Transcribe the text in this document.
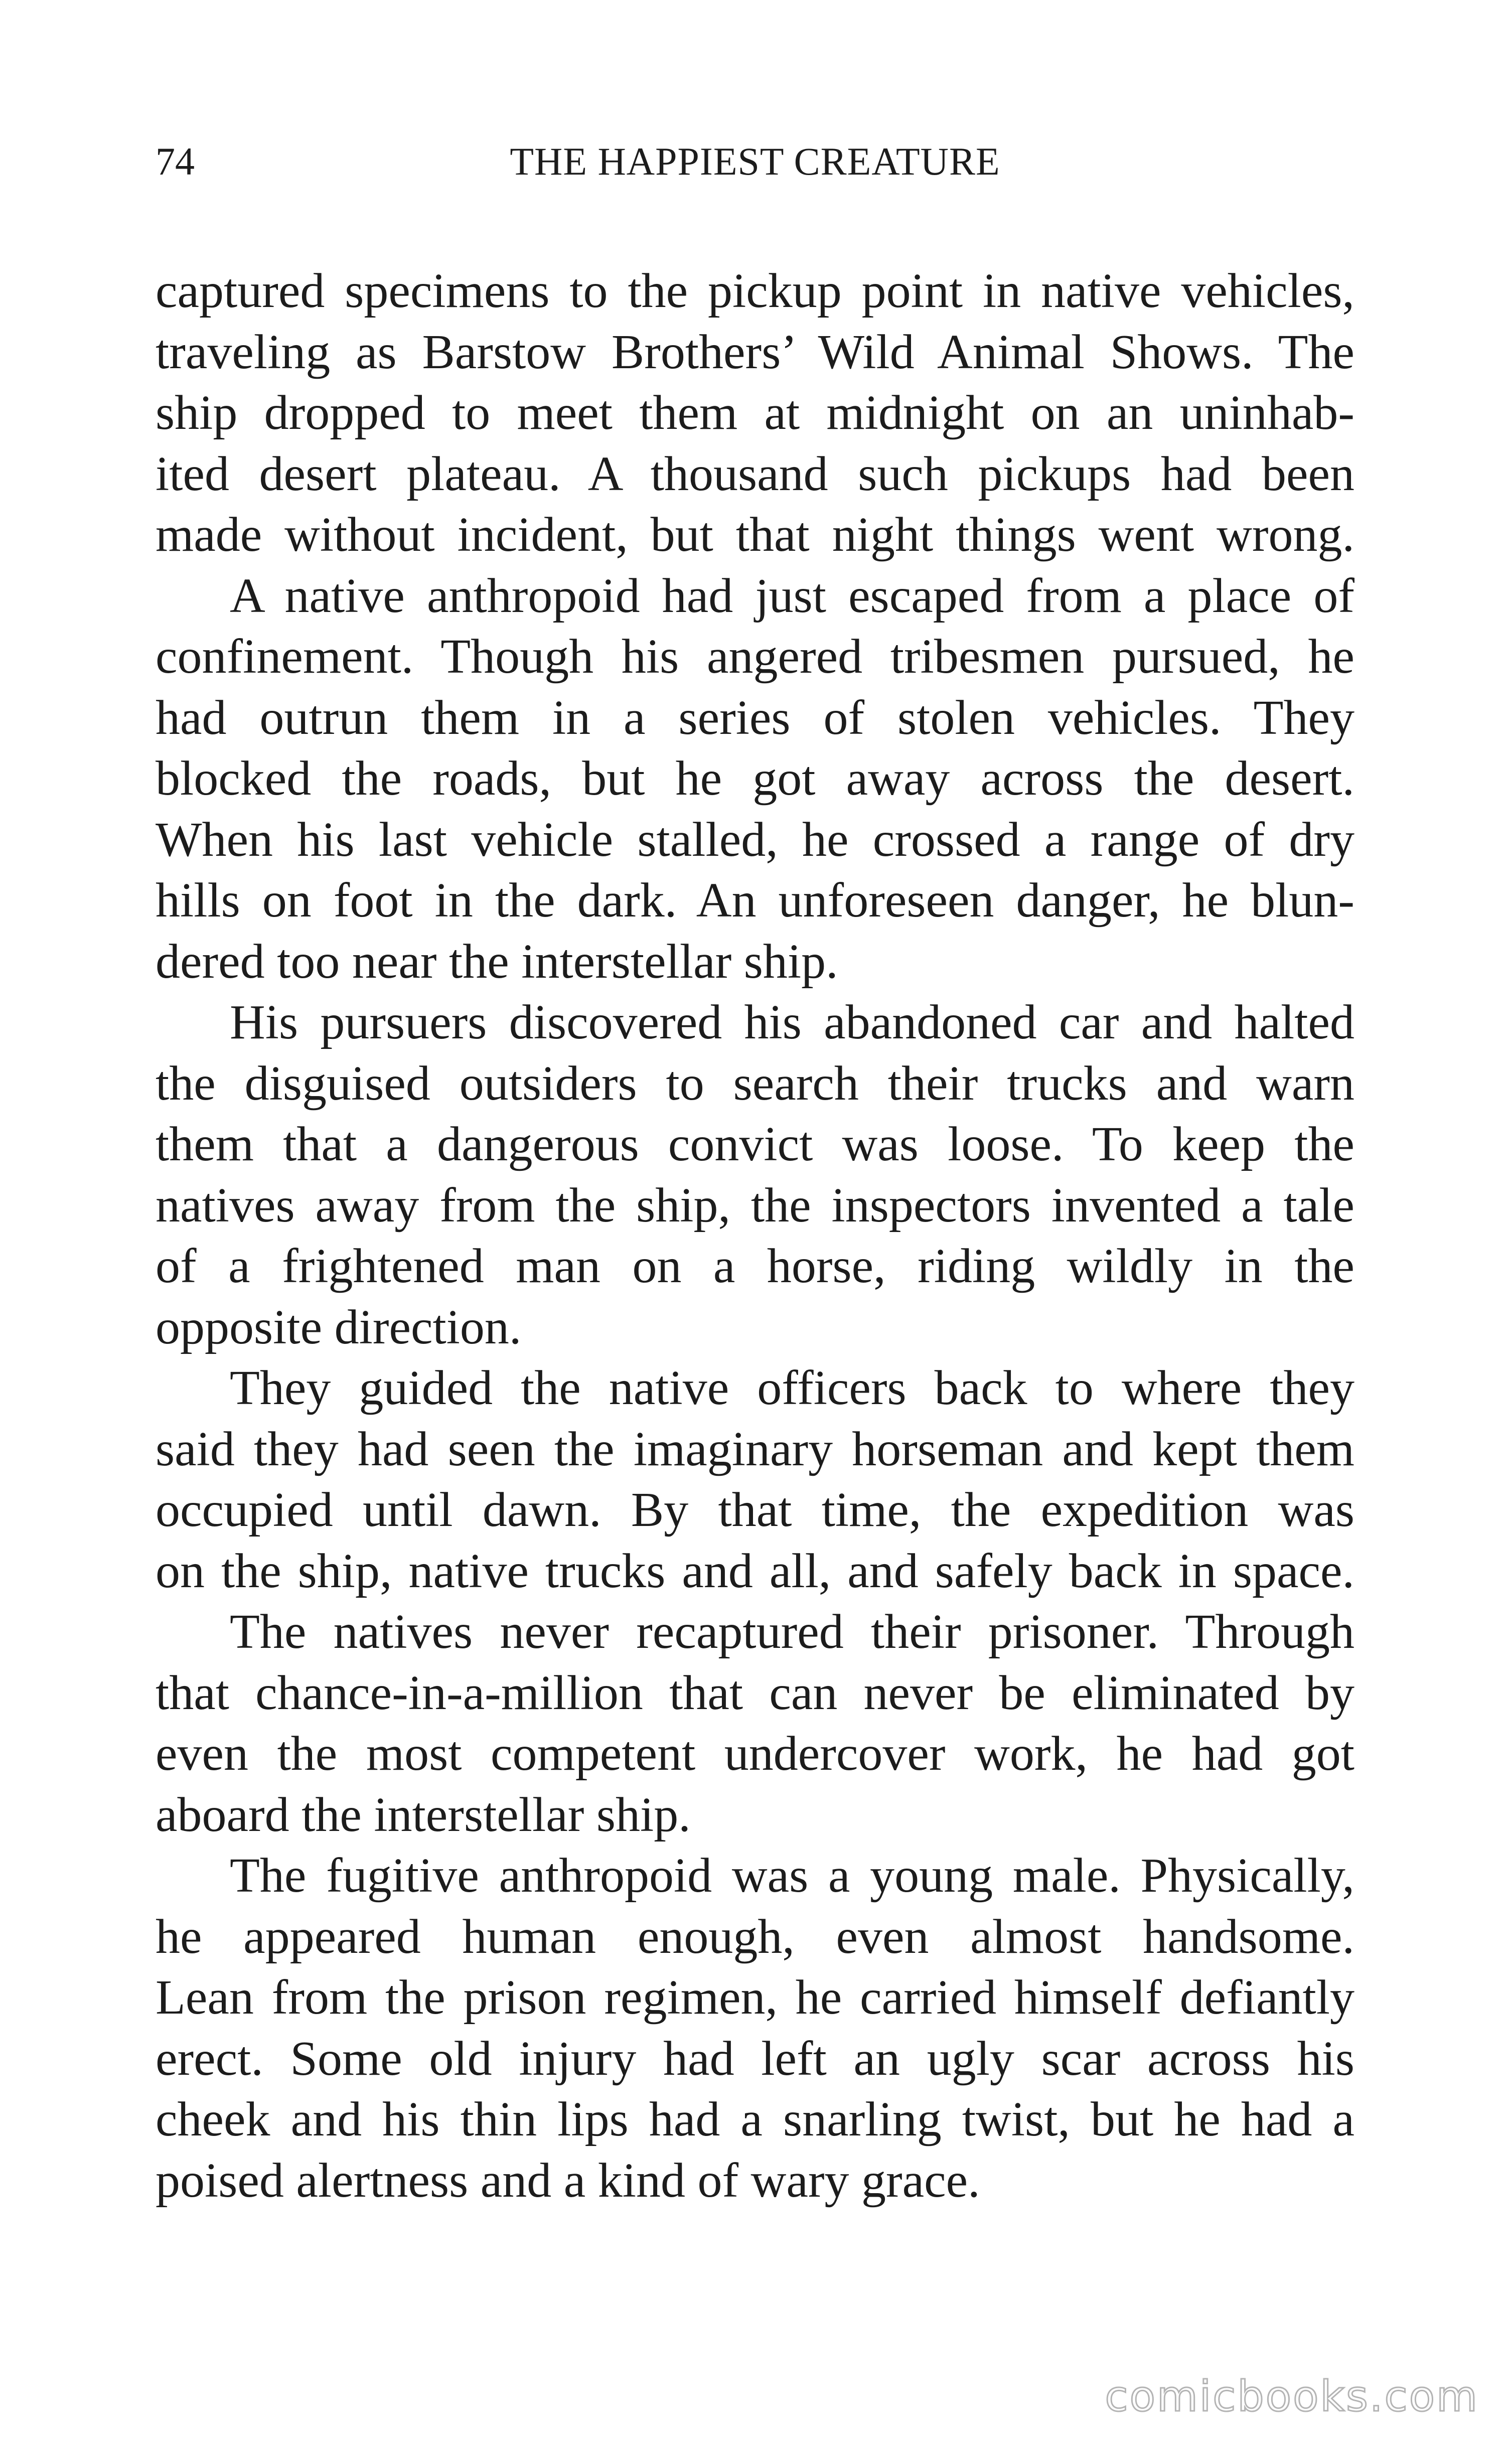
74	THE HAPPIEST CREATURE
captured specimens to the pickup point in native vehicles,
traveling as Barstow Brothers’ Wild Animal Shows. The
ship dropped to meet them at midnight on an uninhab-
ited desert plateau. A thousand such pickups had been
made without incident, but that night things went wrong.
A native anthropoid had just escaped from a place of
confinement. Though his angered tribesmen pursued, he
had outrun them in a series of stolen vehicles. They
blocked the roads, but he got away across the desert.
When his last vehicle stalled, he crossed a range of dry
hills on foot in the dark. An unforeseen danger, he blun-
dered too near the interstellar ship.
His pursuers discovered his abandoned car and halted
the disguised outsiders to search their trucks and warn
them that a dangerous convict was loose. To keep the
natives away from the ship, the inspectors invented a tale
of a frightened man on a horse, riding wildly in the
opposite direction.
They guided the native officers back to where they
said they had seen the imaginary horseman and kept them
occupied until dawn. By that time, the expedition was
on the ship, native trucks and all, and safely back in space.
The natives never recaptured their prisoner. Through
that chance-in-a-million that can never be eliminated by
even the most competent undercover work, he had got
aboard the interstellar ship.
The fugitive anthropoid was a young male. Physically,
he appeared human enough, even almost handsome.
Lean from the prison regimen, he carried himself defiantly
erect. Some old injury had left an ugly scar across his
cheek and his thin lips had a snarling twist, but he had a
poised alertness and a kind of wary grace.
comicbooks.com
